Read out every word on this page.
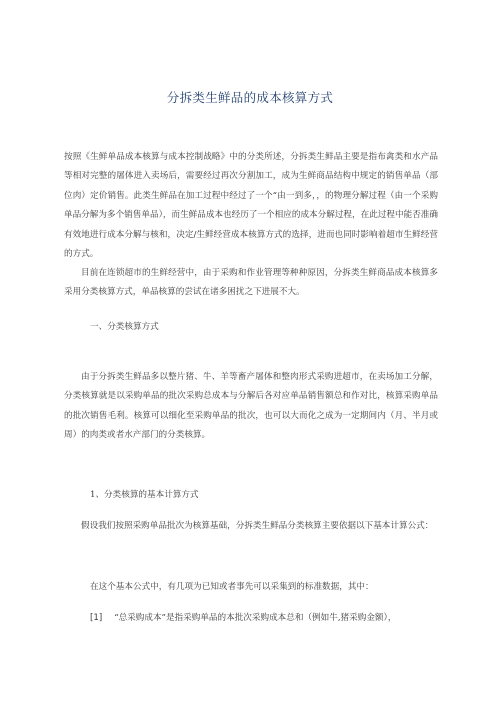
分拆类生鲜品的成本核算方式

按照《生鲜单品成本核算与成本控制战略》中的分类所述，分拆类生鲜品主要是指布禽类和水产品等相对完整的屠体进入卖场后，需要经过再次分割加工，成为生鲜商品结构中规定的销售单品（部位肉）定价销售。此类生鲜品在加工过程中经过了一个“由一到多，，的物理分解过程（由一个采购单品分解为多个销售单品），而生鲜品成本也经历了一个相应的成本分解过程，在此过程中能否准确有效地进行成本分解与核和，决定/生鲜经营成本核算方式的选择，进而也同时影响着超市生鲜经营的方式。

目前在连锁超市的生鲜经营中，由于采购和作业管理等种种原因，分拆类生鲜商品成本核算多采用分类核算方式，单品核算的尝试在诸多困扰之下进展不大。

一、分类核算方式

由于分拆类生鲜品多以整片猪、牛、羊等畜产屠体和整肉形式采购进超市，在卖场加工分解，分类核算就是以采购单品的批次采购总成本与分解后各对应单品销售额总和作对比，核算采购单品的批次销售毛利。核算可以细化至采购单品的批次，也可以大而化之成为一定期间内（月、半月或周）的肉类或者水产部门的分类核算。

1、分类核算的基本计算方式

假设我们按照采购单品批次为核算基础，分拆类生鲜品分类核算主要依据以下基本计算公式：

在这个基本公式中，有几项为已知或者事先可以采集到的标准数据，其中：

[1] “总采购成本”是指采购单品的本批次采购成本总和（例如牛,猪采购金额），
